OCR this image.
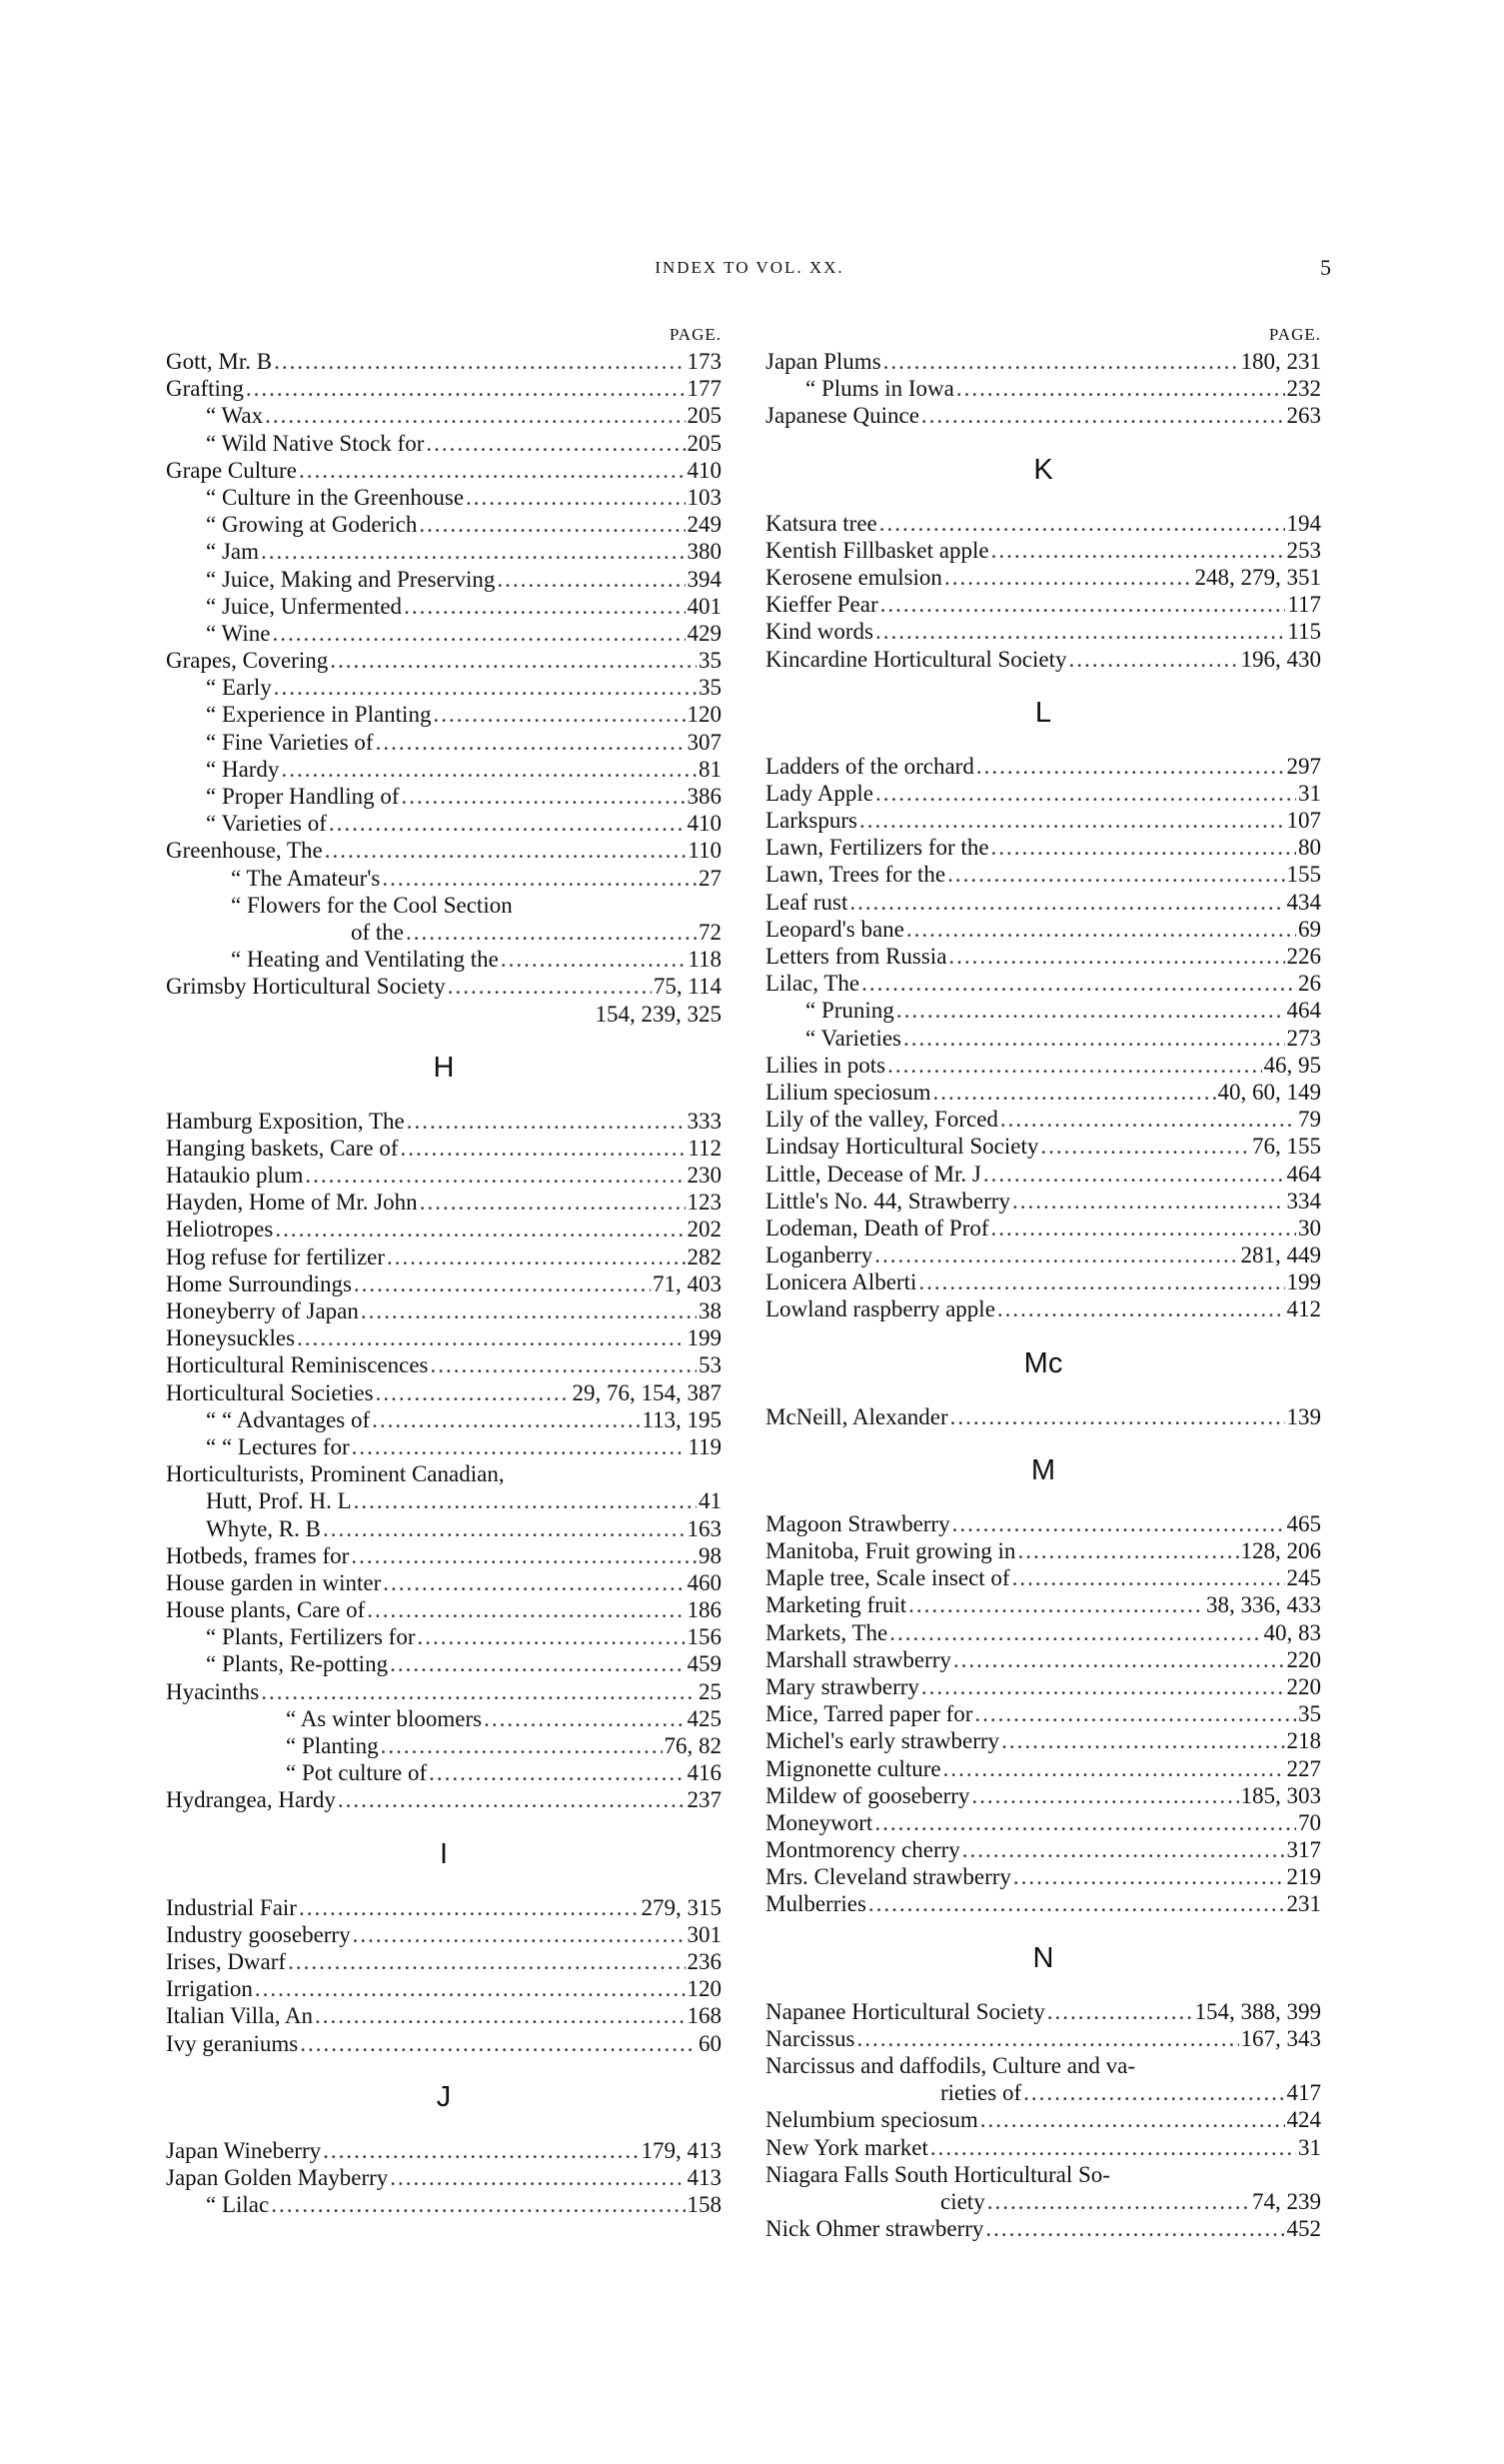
INDEX TO VOL. XX.	5
PAGE.
Gott, Mr. B .....	173
Grafting .....	177
“ Wax .....	205
“ Wild Native Stock for .....	205
Grape Culture .....	410
“ Culture in the Greenhouse .....	103
“ Growing at Goderich .....	249
“ Jam .....	380
“ Juice, Making and Preserving .....	394
“ Juice, Unfermented .....	401
“ Wine .....	429
Grapes, Covering .....	35
“ Early .....	35
“ Experience in Planting .....	120
“ Fine Varieties of .....	307
“ Hardy .....	81
“ Proper Handling of .....	386
“ Varieties of .....	410
Greenhouse, The .....	110
“ The Amateur's .....	27
“ Flowers for the Cool Section
of the .....	72
“ Heating and Ventilating the .....	118
Grimsby Horticultural Society .....	75, 114
154, 239, 325
H
Hamburg Exposition, The .....	333
Hanging baskets, Care of .....	112
Hataukio plum .....	230
Hayden, Home of Mr. John .....	123
Heliotropes .....	202
Hog refuse for fertilizer .....	282
Home Surroundings .....	71, 403
Honeyberry of Japan .....	38
Honeysuckles .....	199
Horticultural Reminiscences .....	53
Horticultural Societies .....	29, 76, 154, 387
“ “ Advantages of .....	113, 195
“ “ Lectures for .....	119
Horticulturists, Prominent Canadian,
Hutt, Prof. H. L .....	41
Whyte, R. B .....	163
Hotbeds, frames for .....	98
House garden in winter .....	460
House plants, Care of .....	186
“ Plants, Fertilizers for .....	156
“ Plants, Re-potting .....	459
Hyacinths .....	25
“ As winter bloomers .....	425
“ Planting .....	76, 82
“ Pot culture of .....	416
Hydrangea, Hardy .....	237
I
Industrial Fair .....	279, 315
Industry gooseberry .....	301
Irises, Dwarf .....	236
Irrigation .....	120
Italian Villa, An .....	168
Ivy geraniums .....	60
J
Japan Wineberry .....	179, 413
Japan Golden Mayberry .....	413
“ Lilac .....	158
PAGE.
Japan Plums .....	180, 231
“ Plums in Iowa .....	232
Japanese Quince .....	263
K
Katsura tree .....	194
Kentish Fillbasket apple .....	253
Kerosene emulsion .....	248, 279, 351
Kieffer Pear .....	117
Kind words .....	115
Kincardine Horticultural Society .....	196, 430
L
Ladders of the orchard .....	297
Lady Apple .....	31
Larkspurs .....	107
Lawn, Fertilizers for the .....	80
Lawn, Trees for the .....	155
Leaf rust .....	434
Leopard's bane .....	69
Letters from Russia .....	226
Lilac, The .....	26
“ Pruning .....	464
“ Varieties .....	273
Lilies in pots .....	46, 95
Lilium speciosum .....	40, 60, 149
Lily of the valley, Forced .....	79
Lindsay Horticultural Society .....	76, 155
Little, Decease of Mr. J .....	464
Little's No. 44, Strawberry .....	334
Lodeman, Death of Prof .....	30
Loganberry .....	281, 449
Lonicera Alberti .....	199
Lowland raspberry apple .....	412
Mc
McNeill, Alexander .....	139
M
Magoon Strawberry .....	465
Manitoba, Fruit growing in .....	128, 206
Maple tree, Scale insect of .....	245
Marketing fruit .....	38, 336, 433
Markets, The .....	40, 83
Marshall strawberry .....	220
Mary strawberry .....	220
Mice, Tarred paper for .....	35
Michel's early strawberry .....	218
Mignonette culture .....	227
Mildew of gooseberry .....	185, 303
Moneywort .....	70
Montmorency cherry .....	317
Mrs. Cleveland strawberry .....	219
Mulberries .....	231
N
Napanee Horticultural Society .....	154, 388, 399
Narcissus .....	167, 343
Narcissus and daffodils, Culture and va-
rieties of .....	417
Nelumbium speciosum .....	424
New York market .....	31
Niagara Falls South Horticultural So-
ciety .....	74, 239
Nick Ohmer strawberry .....	452
